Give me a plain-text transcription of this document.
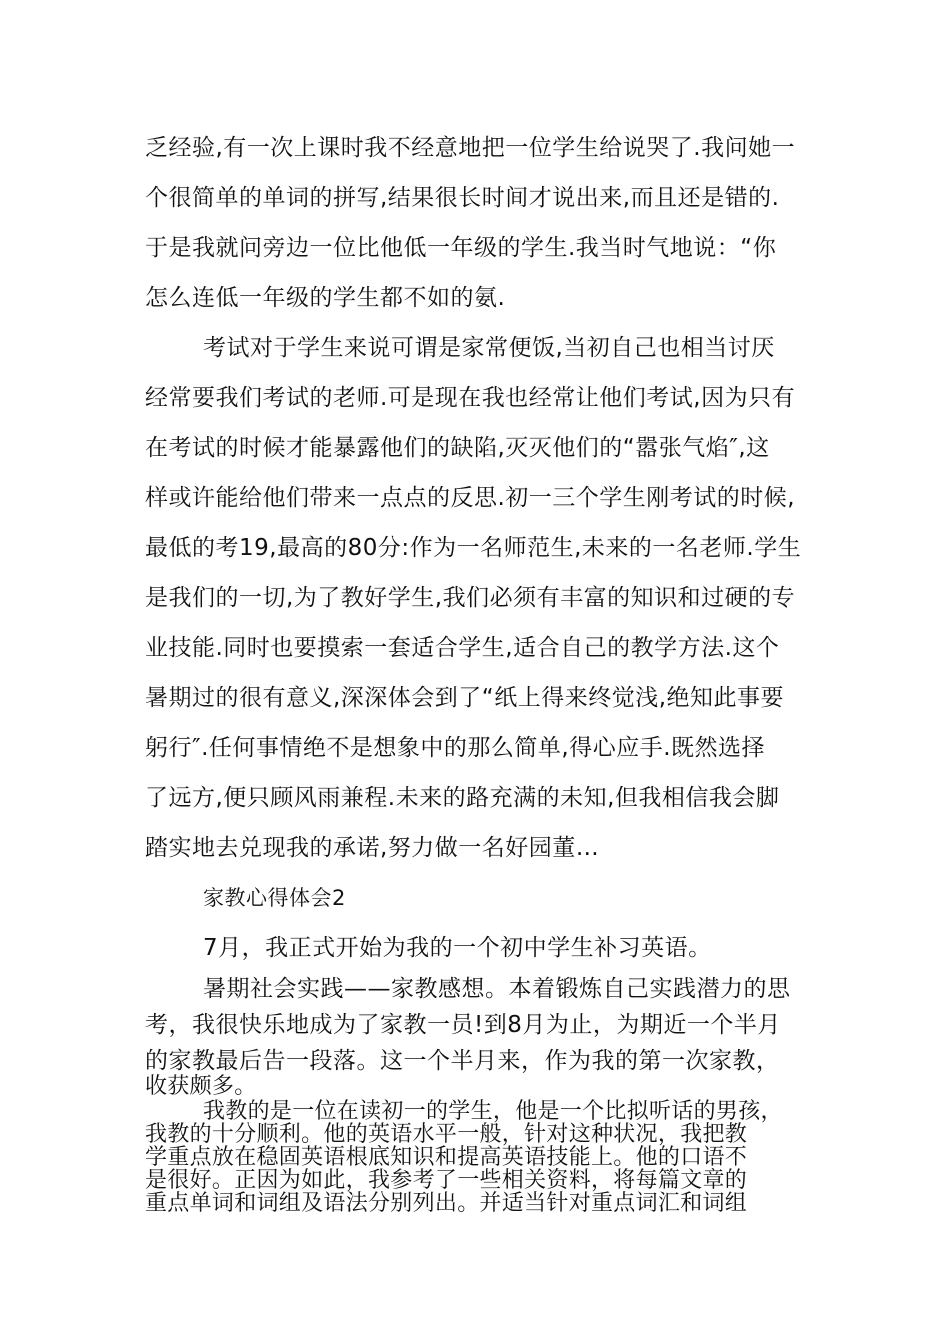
乏经验,有一次上课时我不经意地把一位学生给说哭了.我问她一
个很简单的单词的拼写,结果很长时间才说出来,而且还是错的.
于是我就问旁边一位比他低一年级的学生.我当时气地说：“你
怎么连低一年级的学生都不如的氨.
考试对于学生来说可谓是家常便饭,当初自己也相当讨厌
经常要我们考试的老师.可是现在我也经常让他们考试,因为只有
在考试的时候才能暴露他们的缺陷,灭灭他们的“嚣张气焰″,这
样或许能给他们带来一点点的反思.初一三个学生刚考试的时候,
最低的考19,最高的80分:作为一名师范生,未来的一名老师.学生
是我们的一切,为了教好学生,我们必须有丰富的知识和过硬的专
业技能.同时也要摸索一套适合学生,适合自己的教学方法.这个
暑期过的很有意义,深深体会到了“纸上得来终觉浅,绝知此事要
躬行″.任何事情绝不是想象中的那么简单,得心应手.既然选择
了远方,便只顾风雨兼程.未来的路充满的未知,但我相信我会脚
踏实地去兑现我的承诺,努力做一名好园董…
家教心得体会2
7月，我正式开始为我的一个初中学生补习英语。
暑期社会实践——家教感想。本着锻炼自己实践潜力的思
考，我很快乐地成为了家教一员!到8月为止，为期近一个半月
的家教最后告一段落。这一个半月来，作为我的第一次家教，
收获颇多。
我教的是一位在读初一的学生，他是一个比拟听话的男孩，
我教的十分顺利。他的英语水平一般，针对这种状况，我把教
学重点放在稳固英语根底知识和提高英语技能上。他的口语不
是很好。正因为如此，我参考了一些相关资料，将每篇文章的
重点单词和词组及语法分别列出。并适当针对重点词汇和词组
